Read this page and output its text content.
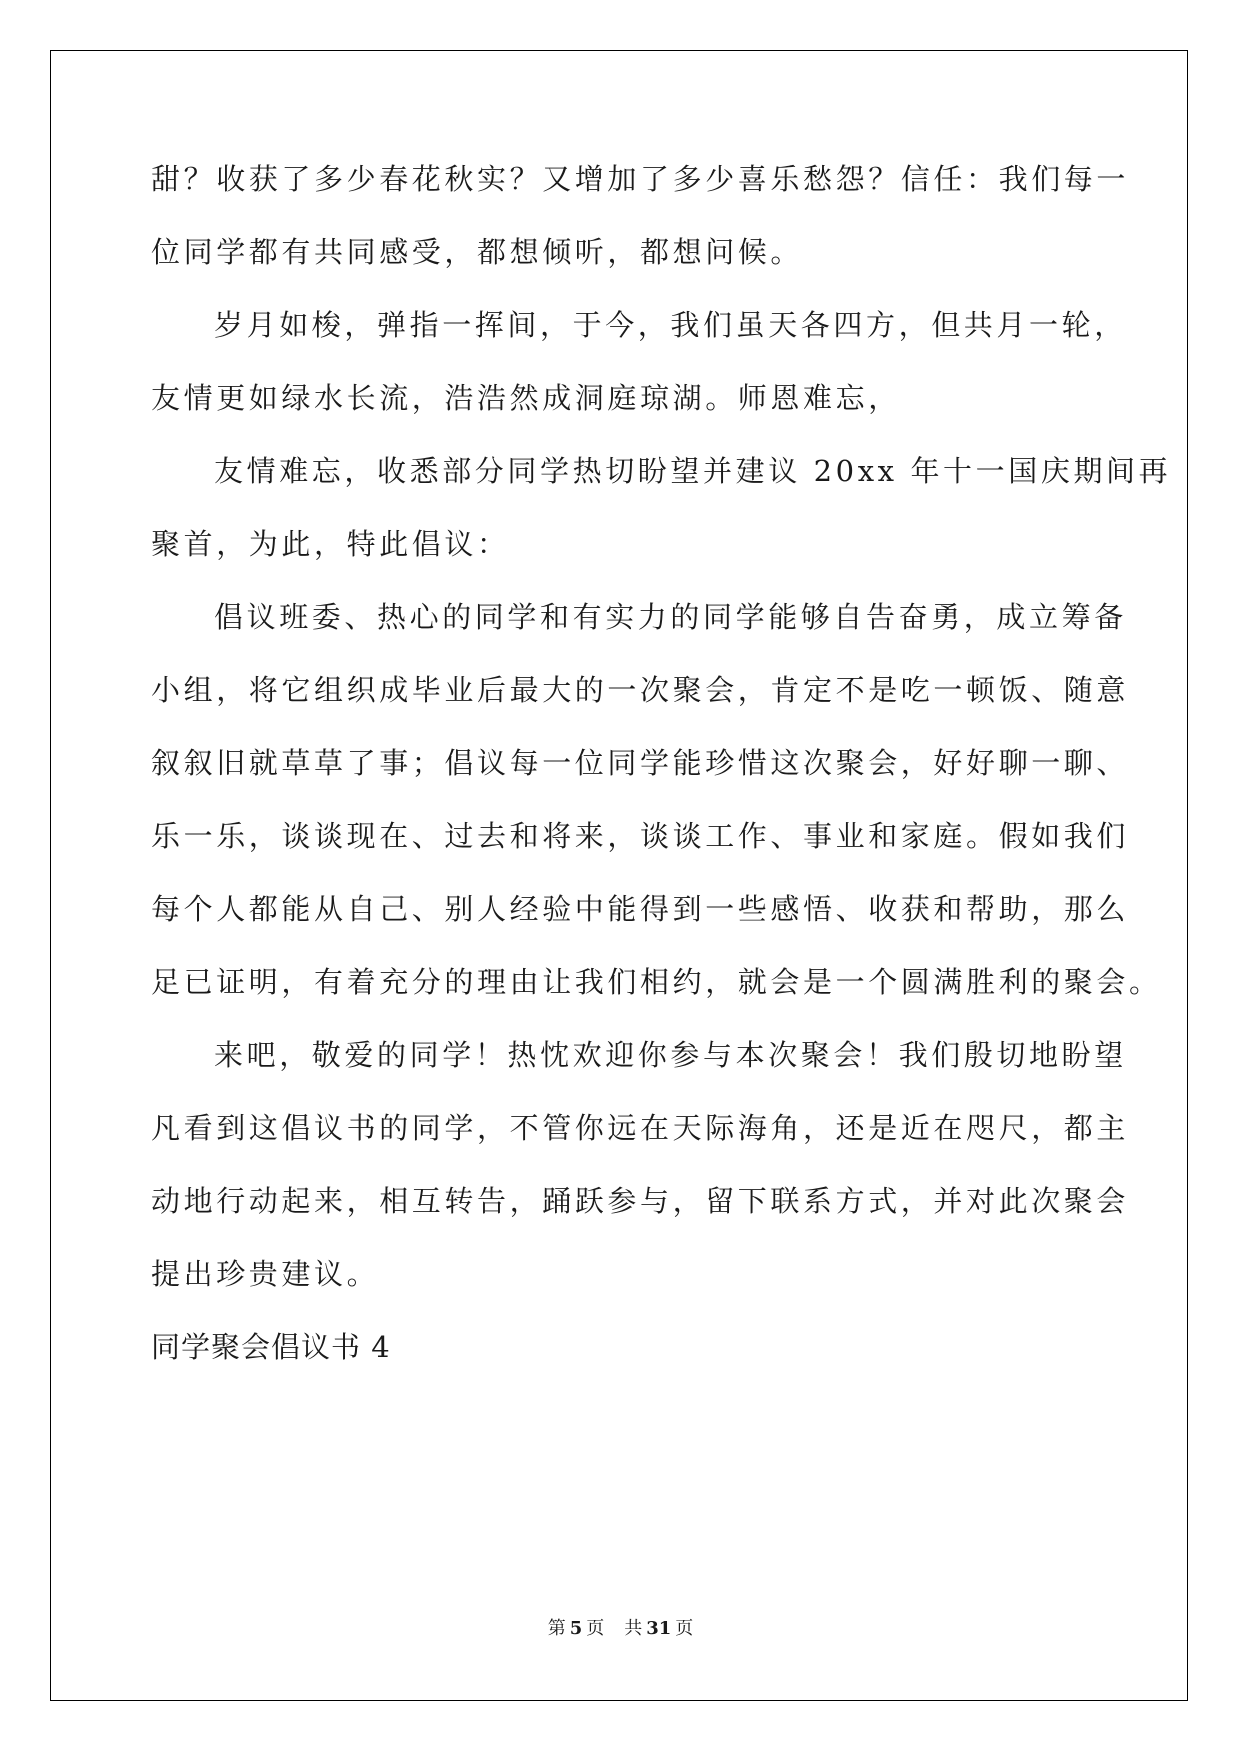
甜？收获了多少春花秋实？又增加了多少喜乐愁怨？信任：我们每一
位同学都有共同感受，都想倾听，都想问候。
岁月如梭，弹指一挥间，于今，我们虽天各四方，但共月一轮，
友情更如绿水长流，浩浩然成洞庭琼湖。师恩难忘，
友情难忘，收悉部分同学热切盼望并建议 20xx 年十一国庆期间再
聚首，为此，特此倡议：
倡议班委、热心的同学和有实力的同学能够自告奋勇，成立筹备
小组，将它组织成毕业后最大的一次聚会，肯定不是吃一顿饭、随意
叙叙旧就草草了事；倡议每一位同学能珍惜这次聚会，好好聊一聊、
乐一乐，谈谈现在、过去和将来，谈谈工作、事业和家庭。假如我们
每个人都能从自己、别人经验中能得到一些感悟、收获和帮助，那么
足已证明，有着充分的理由让我们相约，就会是一个圆满胜利的聚会。
来吧，敬爱的同学！热忱欢迎你参与本次聚会！我们殷切地盼望
凡看到这倡议书的同学，不管你远在天际海角，还是近在咫尺，都主
动地行动起来，相互转告，踊跃参与，留下联系方式，并对此次聚会
提出珍贵建议。
同学聚会倡议书 4
第 5 页 共 31 页
